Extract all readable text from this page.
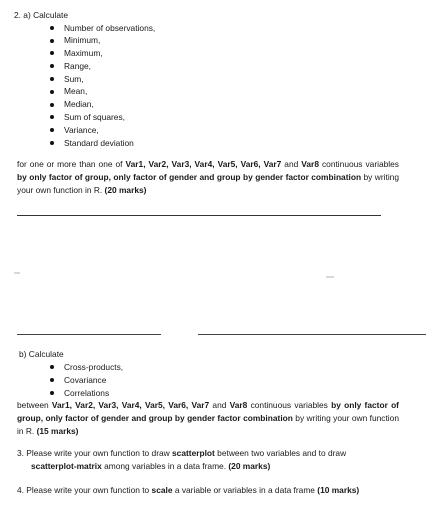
2. a) Calculate
Number of observations,
Minimum,
Maximum,
Range,
Sum,
Mean,
Median,
Sum of squares,
Variance,
Standard deviation

for one or more than one of Var1, Var2, Var3, Var4, Var5, Var6, Var7 and Var8 continuous variables by only factor of group, only factor of gender and group by gender factor combination by writing your own function in R. (20 marks)

b) Calculate
Cross-products,
Covariance
Correlations

between Var1, Var2, Var3, Var4, Var5, Var6, Var7 and Var8 continuous variables by only factor of group, only factor of gender and group by gender factor combination by writing your own function in R. (15 marks)

3. Please write your own function to draw scatterplot between two variables and to draw
scatterplot-matrix among variables in a data frame. (20 marks)

4. Please write your own function to scale a variable or variables in a data frame (10 marks)
